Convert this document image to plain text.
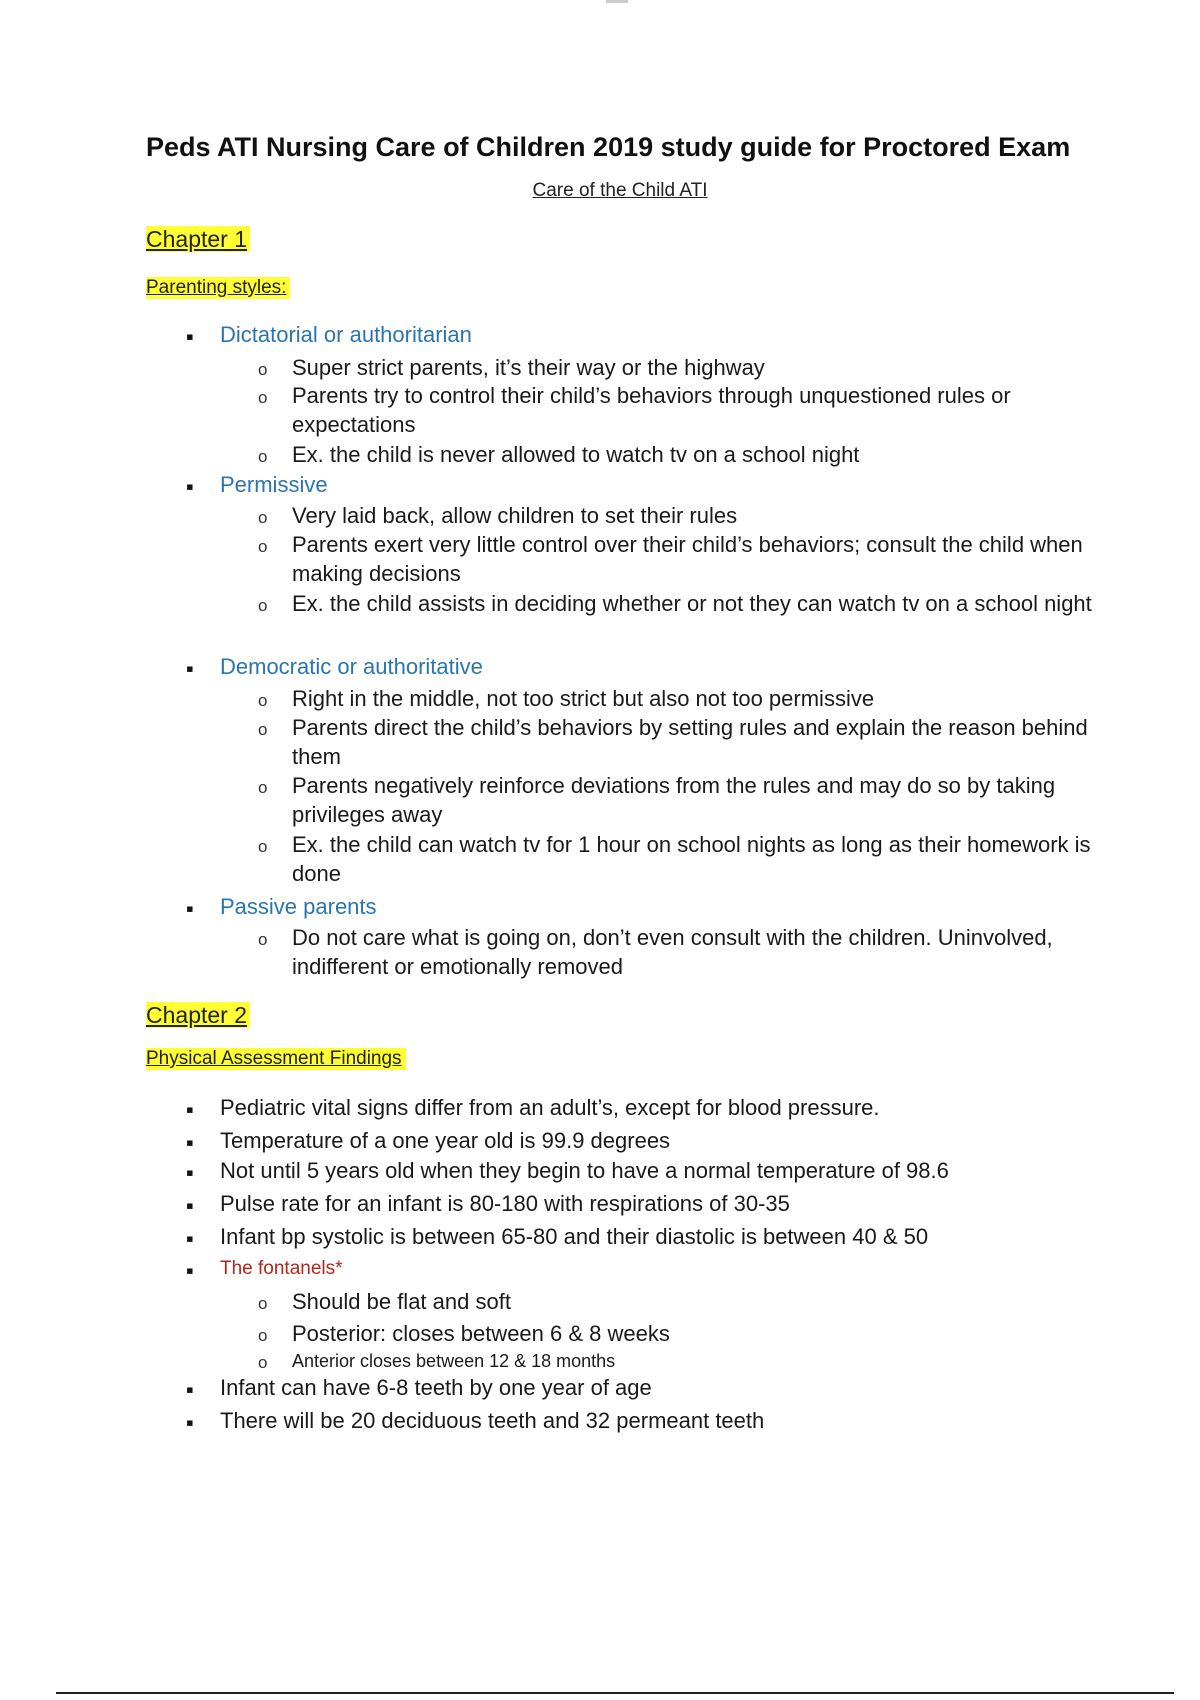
Peds ATI Nursing Care of Children 2019 study guide for Proctored Exam
Care of the Child ATI
Chapter 1
Parenting styles:
▪ Dictatorial or authoritarian
o Super strict parents, it’s their way or the highway
o Parents try to control their child’s behaviors through unquestioned rules or expectations
o Ex. the child is never allowed to watch tv on a school night
▪ Permissive
o Very laid back, allow children to set their rules
o Parents exert very little control over their child’s behaviors; consult the child when making decisions
o Ex. the child assists in deciding whether or not they can watch tv on a school night
▪ Democratic or authoritative
o Right in the middle, not too strict but also not too permissive
o Parents direct the child’s behaviors by setting rules and explain the reason behind them
o Parents negatively reinforce deviations from the rules and may do so by taking privileges away
o Ex. the child can watch tv for 1 hour on school nights as long as their homework is done
▪ Passive parents
o Do not care what is going on, don’t even consult with the children. Uninvolved, indifferent or emotionally removed
Chapter 2
Physical Assessment Findings
▪ Pediatric vital signs differ from an adult’s, except for blood pressure.
▪ Temperature of a one year old is 99.9 degrees
▪ Not until 5 years old when they begin to have a normal temperature of 98.6
▪ Pulse rate for an infant is 80-180 with respirations of 30-35
▪ Infant bp systolic is between 65-80 and their diastolic is between 40 & 50
▪ The fontanels*
o Should be flat and soft
o Posterior: closes between 6 & 8 weeks
o Anterior closes between 12 & 18 months
▪ Infant can have 6-8 teeth by one year of age
▪ There will be 20 deciduous teeth and 32 permeant teeth
